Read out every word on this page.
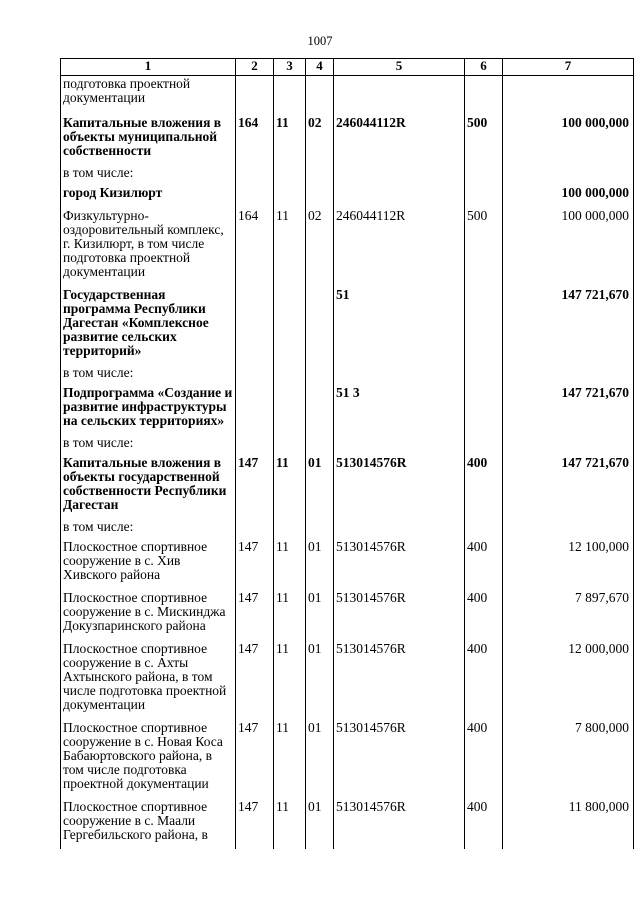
1007
1	2	3	4	5	6	7
подготовка проектной документации						
Капитальные вложения в объекты муниципальной собственности	164	11	02	246044112R	500	100 000,000
в том числе:						
город Кизилюрт						100 000,000
Физкультурно-оздоровительный комплекс, г. Кизилюрт, в том числе подготовка проектной документации	164	11	02	246044112R	500	100 000,000
Государственная программа Республики Дагестан «Комплексное развитие сельских территорий»				51		147 721,670
в том числе:						
Подпрограмма «Создание и развитие инфраструктуры на сельских территориях»				51 3		147 721,670
в том числе:						
Капитальные вложения в объекты государственной собственности Республики Дагестан	147	11	01	513014576R	400	147 721,670
в том числе:						
Плоскостное спортивное сооружение в с. Хив Хивского района	147	11	01	513014576R	400	12 100,000
Плоскостное спортивное сооружение в с. Мискинджа Докузпаринского района	147	11	01	513014576R	400	7 897,670
Плоскостное спортивное сооружение в с. Ахты Ахтынского района, в том числе подготовка проектной документации	147	11	01	513014576R	400	12 000,000
Плоскостное спортивное сооружение в с. Новая Коса Бабаюртовского района, в том числе подготовка проектной документации	147	11	01	513014576R	400	7 800,000
Плоскостное спортивное сооружение в с. Маали Гергебильского района, в	147	11	01	513014576R	400	11 800,000
